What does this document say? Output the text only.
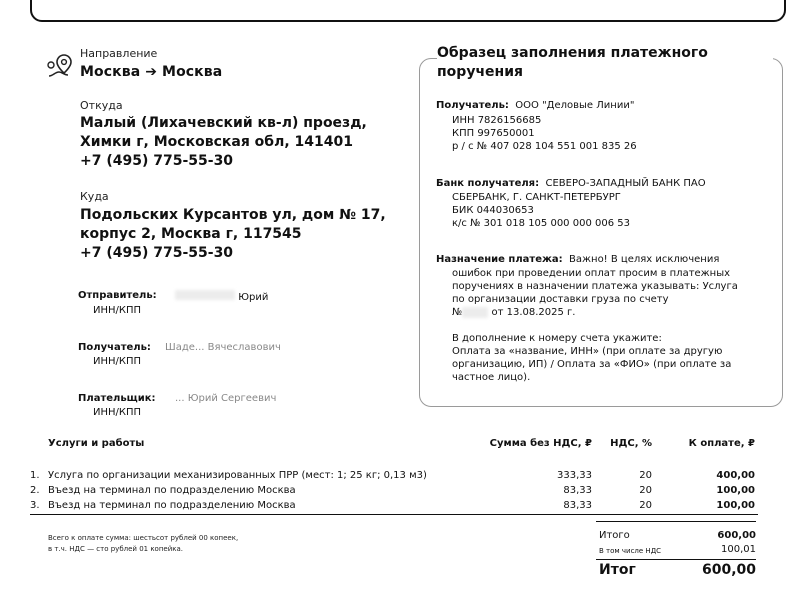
Направление
Москва ➔ Москва
Откуда
Малый (Лихачевский кв-л) проезд,
Химки г, Московская обл, 141401
+7 (495) 775-55-30
Куда
Подольских Курсантов ул, дом № 17,
корпус 2, Москва г, 117545
+7 (495) 775-55-30
Отправитель:	Юрий
ИНН/КПП
Получатель: Шаде... Вячеславович
ИНН/КПП
Плательщик: ... Юрий Сергеевич
ИНН/КПП
Образец заполнения платежного
поручения
Получатель: ООО "Деловые Линии"
ИНН 7826156685
КПП 997650001
р / с № 407 028 104 551 001 835 26
Банк получателя: СЕВЕРО-ЗАПАДНЫЙ БАНК ПАО
СБЕРБАНК, Г. САНКТ-ПЕТЕРБУРГ
БИК 044030653
к/с № 301 018 105 000 000 006 53
Назначение платежа: Важно! В целях исключения
ошибок при проведении оплат просим в платежных
поручениях в назначении платежа указывать: Услуга
по организации доставки груза по счету
№	от 13.08.2025 г.
В дополнение к номеру счета укажите:
Оплата за «название, ИНН» (при оплате за другую
организацию, ИП) / Оплата за «ФИО» (при оплате за
частное лицо).
Услуги и работы	Сумма без НДС, ₽	НДС, %	К оплате, ₽
1. Услуга по организации механизированных ПРР (мест: 1; 25 кг; 0,13 м3)	333,33	20	400,00
2. Въезд на терминал по подразделению Москва	83,33	20	100,00
3. Въезд на терминал по подразделению Москва	83,33	20	100,00
Всего к оплате сумма: шестьсот рублей 00 копеек,
в т.ч. НДС — сто рублей 01 копейка.
Итого	600,00
В том числе НДС	100,01
Итог	600,00
